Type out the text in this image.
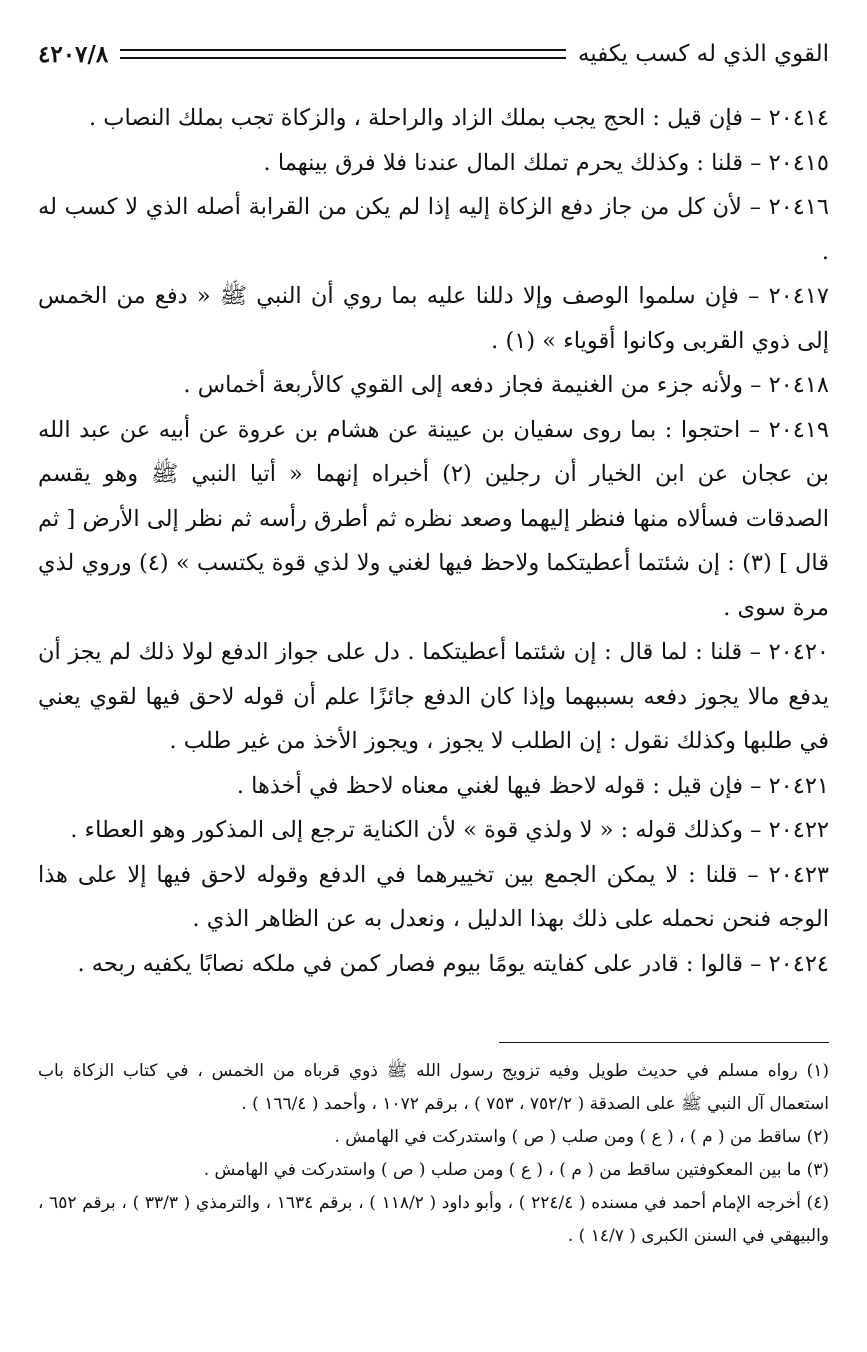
القوي الذي له كسب يكفيه
٤٢٠٧/٨

٢٠٤١٤ – فإن قيل : الحج يجب بملك الزاد والراحلة ، والزكاة تجب بملك النصاب .

٢٠٤١٥ – قلنا : وكذلك يحرم تملك المال عندنا فلا فرق بينهما .

٢٠٤١٦ – لأن كل من جاز دفع الزكاة إليه إذا لم يكن من القرابة أصله الذي لا كسب له .

٢٠٤١٧ – فإن سلموا الوصف وإلا دللنا عليه بما روي أن النبي ﷺ « دفع من الخمس إلى ذوي القربى وكانوا أقوياء » (١) .

٢٠٤١٨ – ولأنه جزء من الغنيمة فجاز دفعه إلى القوي كالأربعة أخماس .

٢٠٤١٩ – احتجوا : بما روى سفيان بن عيينة عن هشام بن عروة عن أبيه عن عبد الله بن عجان عن ابن الخيار أن رجلين (٢) أخبراه إنهما « أتيا النبي ﷺ وهو يقسم الصدقات فسألاه منها فنظر إليهما وصعد نظره ثم أطرق رأسه ثم نظر إلى الأرض [ ثم قال ] (٣) : إن شئتما أعطيتكما ولاحظ فيها لغني ولا لذي قوة يكتسب » (٤) وروي لذي مرة سوى .

٢٠٤٢٠ – قلنا : لما قال : إن شئتما أعطيتكما . دل على جواز الدفع لولا ذلك لم يجز أن يدفع مالا يجوز دفعه بسببهما وإذا كان الدفع جائزًا علم أن قوله لاحق فيها لقوي يعني في طلبها وكذلك نقول : إن الطلب لا يجوز ، ويجوز الأخذ من غير طلب .

٢٠٤٢١ – فإن قيل : قوله لاحظ فيها لغني معناه لاحظ في أخذها .

٢٠٤٢٢ – وكذلك قوله : « لا ولذي قوة » لأن الكناية ترجع إلى المذكور وهو العطاء .

٢٠٤٢٣ – قلنا : لا يمكن الجمع بين تخييرهما في الدفع وقوله لاحق فيها إلا على هذا الوجه فنحن نحمله على ذلك بهذا الدليل ، ونعدل به عن الظاهر الذي .

٢٠٤٢٤ – قالوا : قادر على كفايته يومًا بيوم فصار كمن في ملكه نصابًا يكفيه ربحه .

(١) رواه مسلم في حديث طويل وفيه تزويج رسول الله ﷺ ذوي قرباه من الخمس ، في كتاب الزكاة باب استعمال آل النبي ﷺ على الصدقة ( ٧٥٢/٢ ، ٧٥٣ ) ، برقم ١٠٧٢ ، وأحمد ( ١٦٦/٤ ) .

(٢) ساقط من ( م ) ، ( ع ) ومن صلب ( ص ) واستدركت في الهامش .

(٣) ما بين المعكوفتين ساقط من ( م ) ، ( ع ) ومن صلب ( ص ) واستدركت في الهامش .

(٤) أخرجه الإمام أحمد في مسنده ( ٢٢٤/٤ ) ، وأبو داود ( ١١٨/٢ ) ، برقم ١٦٣٤ ، والترمذي ( ٣٣/٣ ) ، برقم ٦٥٢ ، والبيهقي في السنن الكبرى ( ١٤/٧ ) .
